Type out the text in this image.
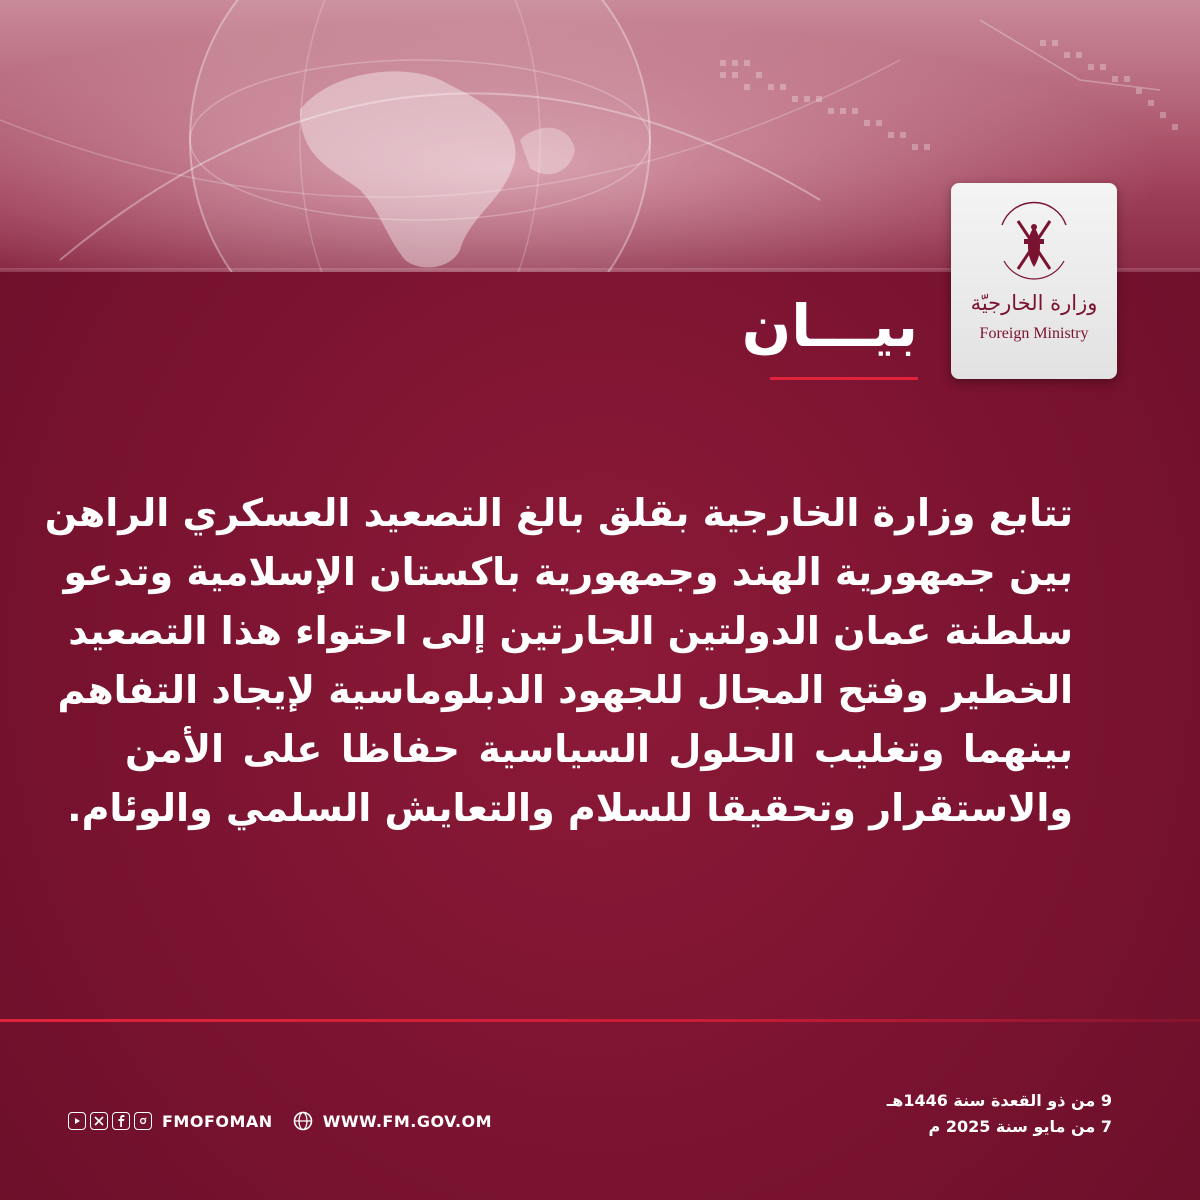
وزارة الخارجيّة
Foreign Ministry
بيـــان
تتابع وزارة الخارجية بقلق بالغ التصعيد العسكري الراهن
بين جمهورية الهند وجمهورية باكستان الإسلامية وتدعو
سلطنة عمان الدولتين الجارتين إلى احتواء هذا التصعيد
الخطير وفتح المجال للجهود الدبلوماسية لإيجاد التفاهم
بينهما وتغليب الحلول السياسية حفاظا على الأمن
والاستقرار وتحقيقا للسلام والتعايش السلمي والوئام.
FMOFOMAN	WWW.FM.GOV.OM
9 من ذو القعدة سنة 1446هـ
7 من مايو سنة 2025 م
